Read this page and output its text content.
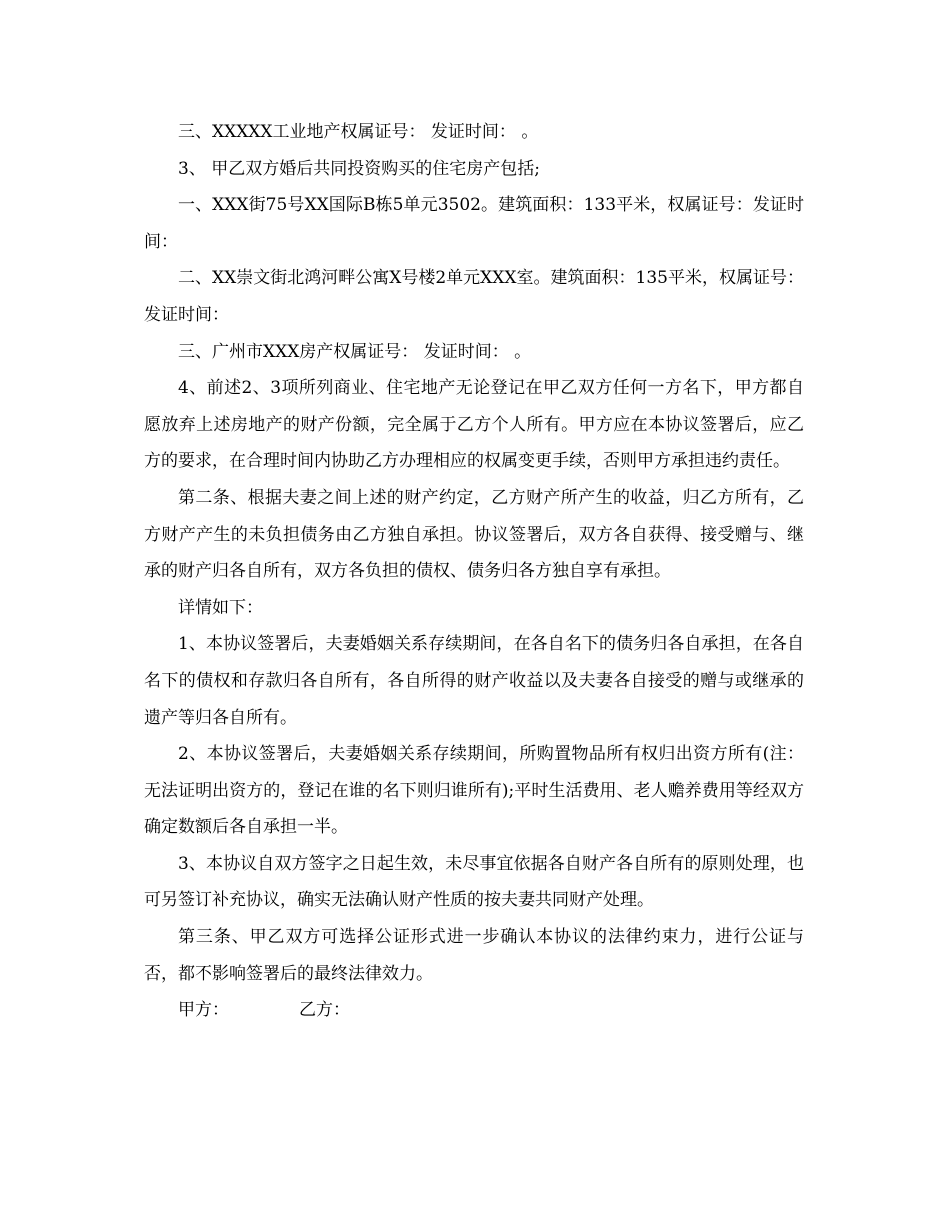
三、XXXXX工业地产权属证号： 发证时间： 。

3、 甲乙双方婚后共同投资购买的住宅房产包括;

一、XXX街75号XX国际B栋5单元3502。建筑面积：133平米，权属证号：发证时间：

二、XX崇文街北鸿河畔公寓X号楼2单元XXX室。建筑面积：135平米，权属证号： 发证时间：

三、广州市XXX房产权属证号： 发证时间： 。

4、前述2、3项所列商业、住宅地产无论登记在甲乙双方任何一方名下，甲方都自愿放弃上述房地产的财产份额，完全属于乙方个人所有。甲方应在本协议签署后，应乙方的要求，在合理时间内协助乙方办理相应的权属变更手续，否则甲方承担违约责任。

第二条、根据夫妻之间上述的财产约定，乙方财产所产生的收益，归乙方所有，乙方财产产生的未负担债务由乙方独自承担。协议签署后，双方各自获得、接受赠与、继承的财产归各自所有，双方各负担的债权、债务归各方独自享有承担。

详情如下：

1、本协议签署后，夫妻婚姻关系存续期间，在各自名下的债务归各自承担，在各自名下的债权和存款归各自所有，各自所得的财产收益以及夫妻各自接受的赠与或继承的遗产等归各自所有。

2、本协议签署后，夫妻婚姻关系存续期间，所购置物品所有权归出资方所有(注：无法证明出资方的，登记在谁的名下则归谁所有);平时生活费用、老人赡养费用等经双方确定数额后各自承担一半。

3、本协议自双方签字之日起生效，未尽事宜依据各自财产各自所有的原则处理，也可另签订补充协议，确实无法确认财产性质的按夫妻共同财产处理。

第三条、甲乙双方可选择公证形式进一步确认本协议的法律约束力，进行公证与否，都不影响签署后的最终法律效力。

甲方：	乙方：
